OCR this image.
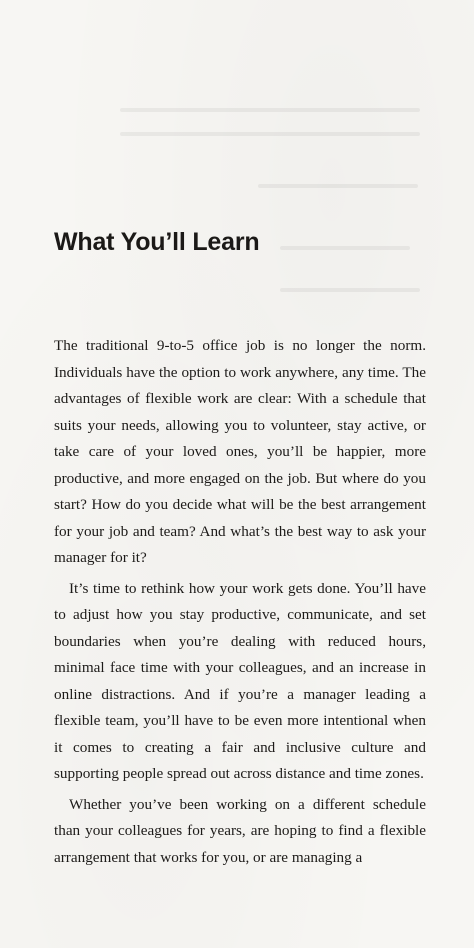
What You’ll Learn

The traditional 9-to-5 office job is no longer the norm. Individuals have the option to work anywhere, any time. The advantages of flexible work are clear: With a schedule that suits your needs, allowing you to volunteer, stay active, or take care of your loved ones, you’ll be happier, more productive, and more engaged on the job. But where do you start? How do you decide what will be the best arrangement for your job and team? And what’s the best way to ask your manager for it?

It’s time to rethink how your work gets done. You’ll have to adjust how you stay productive, communicate, and set boundaries when you’re dealing with reduced hours, minimal face time with your colleagues, and an increase in online distractions. And if you’re a manager leading a flexible team, you’ll have to be even more intentional when it comes to creating a fair and inclusive culture and supporting people spread out across distance and time zones.

Whether you’ve been working on a different schedule than your colleagues for years, are hoping to find a flexible arrangement that works for you, or are managing a
